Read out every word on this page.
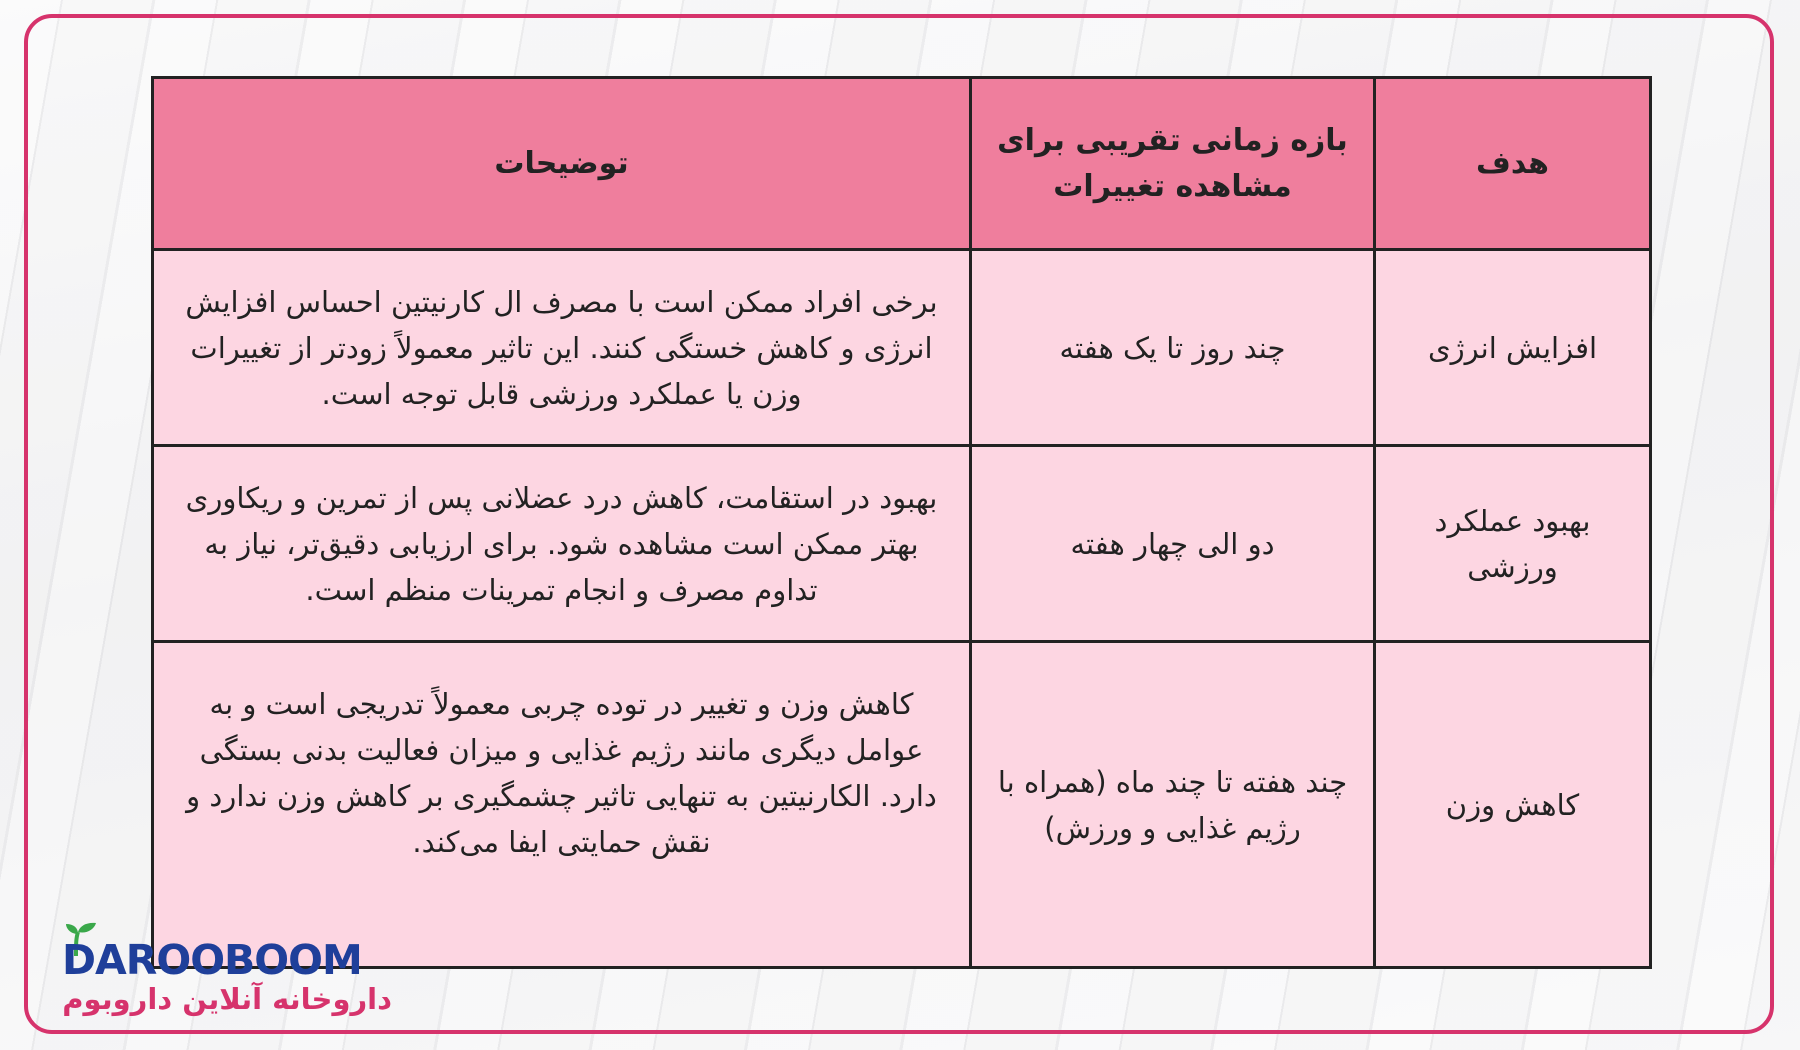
هدف	بازه زمانی تقریبی برای مشاهده تغییرات	توضیحات
افزایش انرژی	چند روز تا یک هفته	برخی افراد ممکن است با مصرف ال کارنیتین احساس افزایش انرژی و کاهش خستگی کنند. این تاثیر معمولاً زودتر از تغییرات وزن یا عملکرد ورزشی قابل توجه است.
بهبود عملکرد ورزشی	دو الی چهار هفته	بهبود در استقامت، کاهش درد عضلانی پس از تمرین و ریکاوری بهتر ممکن است مشاهده شود. برای ارزیابی دقیق‌تر، نیاز به تداوم مصرف و انجام تمرینات منظم است.
کاهش وزن	چند هفته تا چند ماه (همراه با رژیم غذایی و ورزش)	کاهش وزن و تغییر در توده چربی معمولاً تدریجی است و به عوامل دیگری مانند رژیم غذایی و میزان فعالیت بدنی بستگی دارد. الکارنیتین به تنهایی تاثیر چشمگیری بر کاهش وزن ندارد و نقش حمایتی ایفا می‌کند.
DAROOBOOM
داروخانه آنلاین داروبوم
